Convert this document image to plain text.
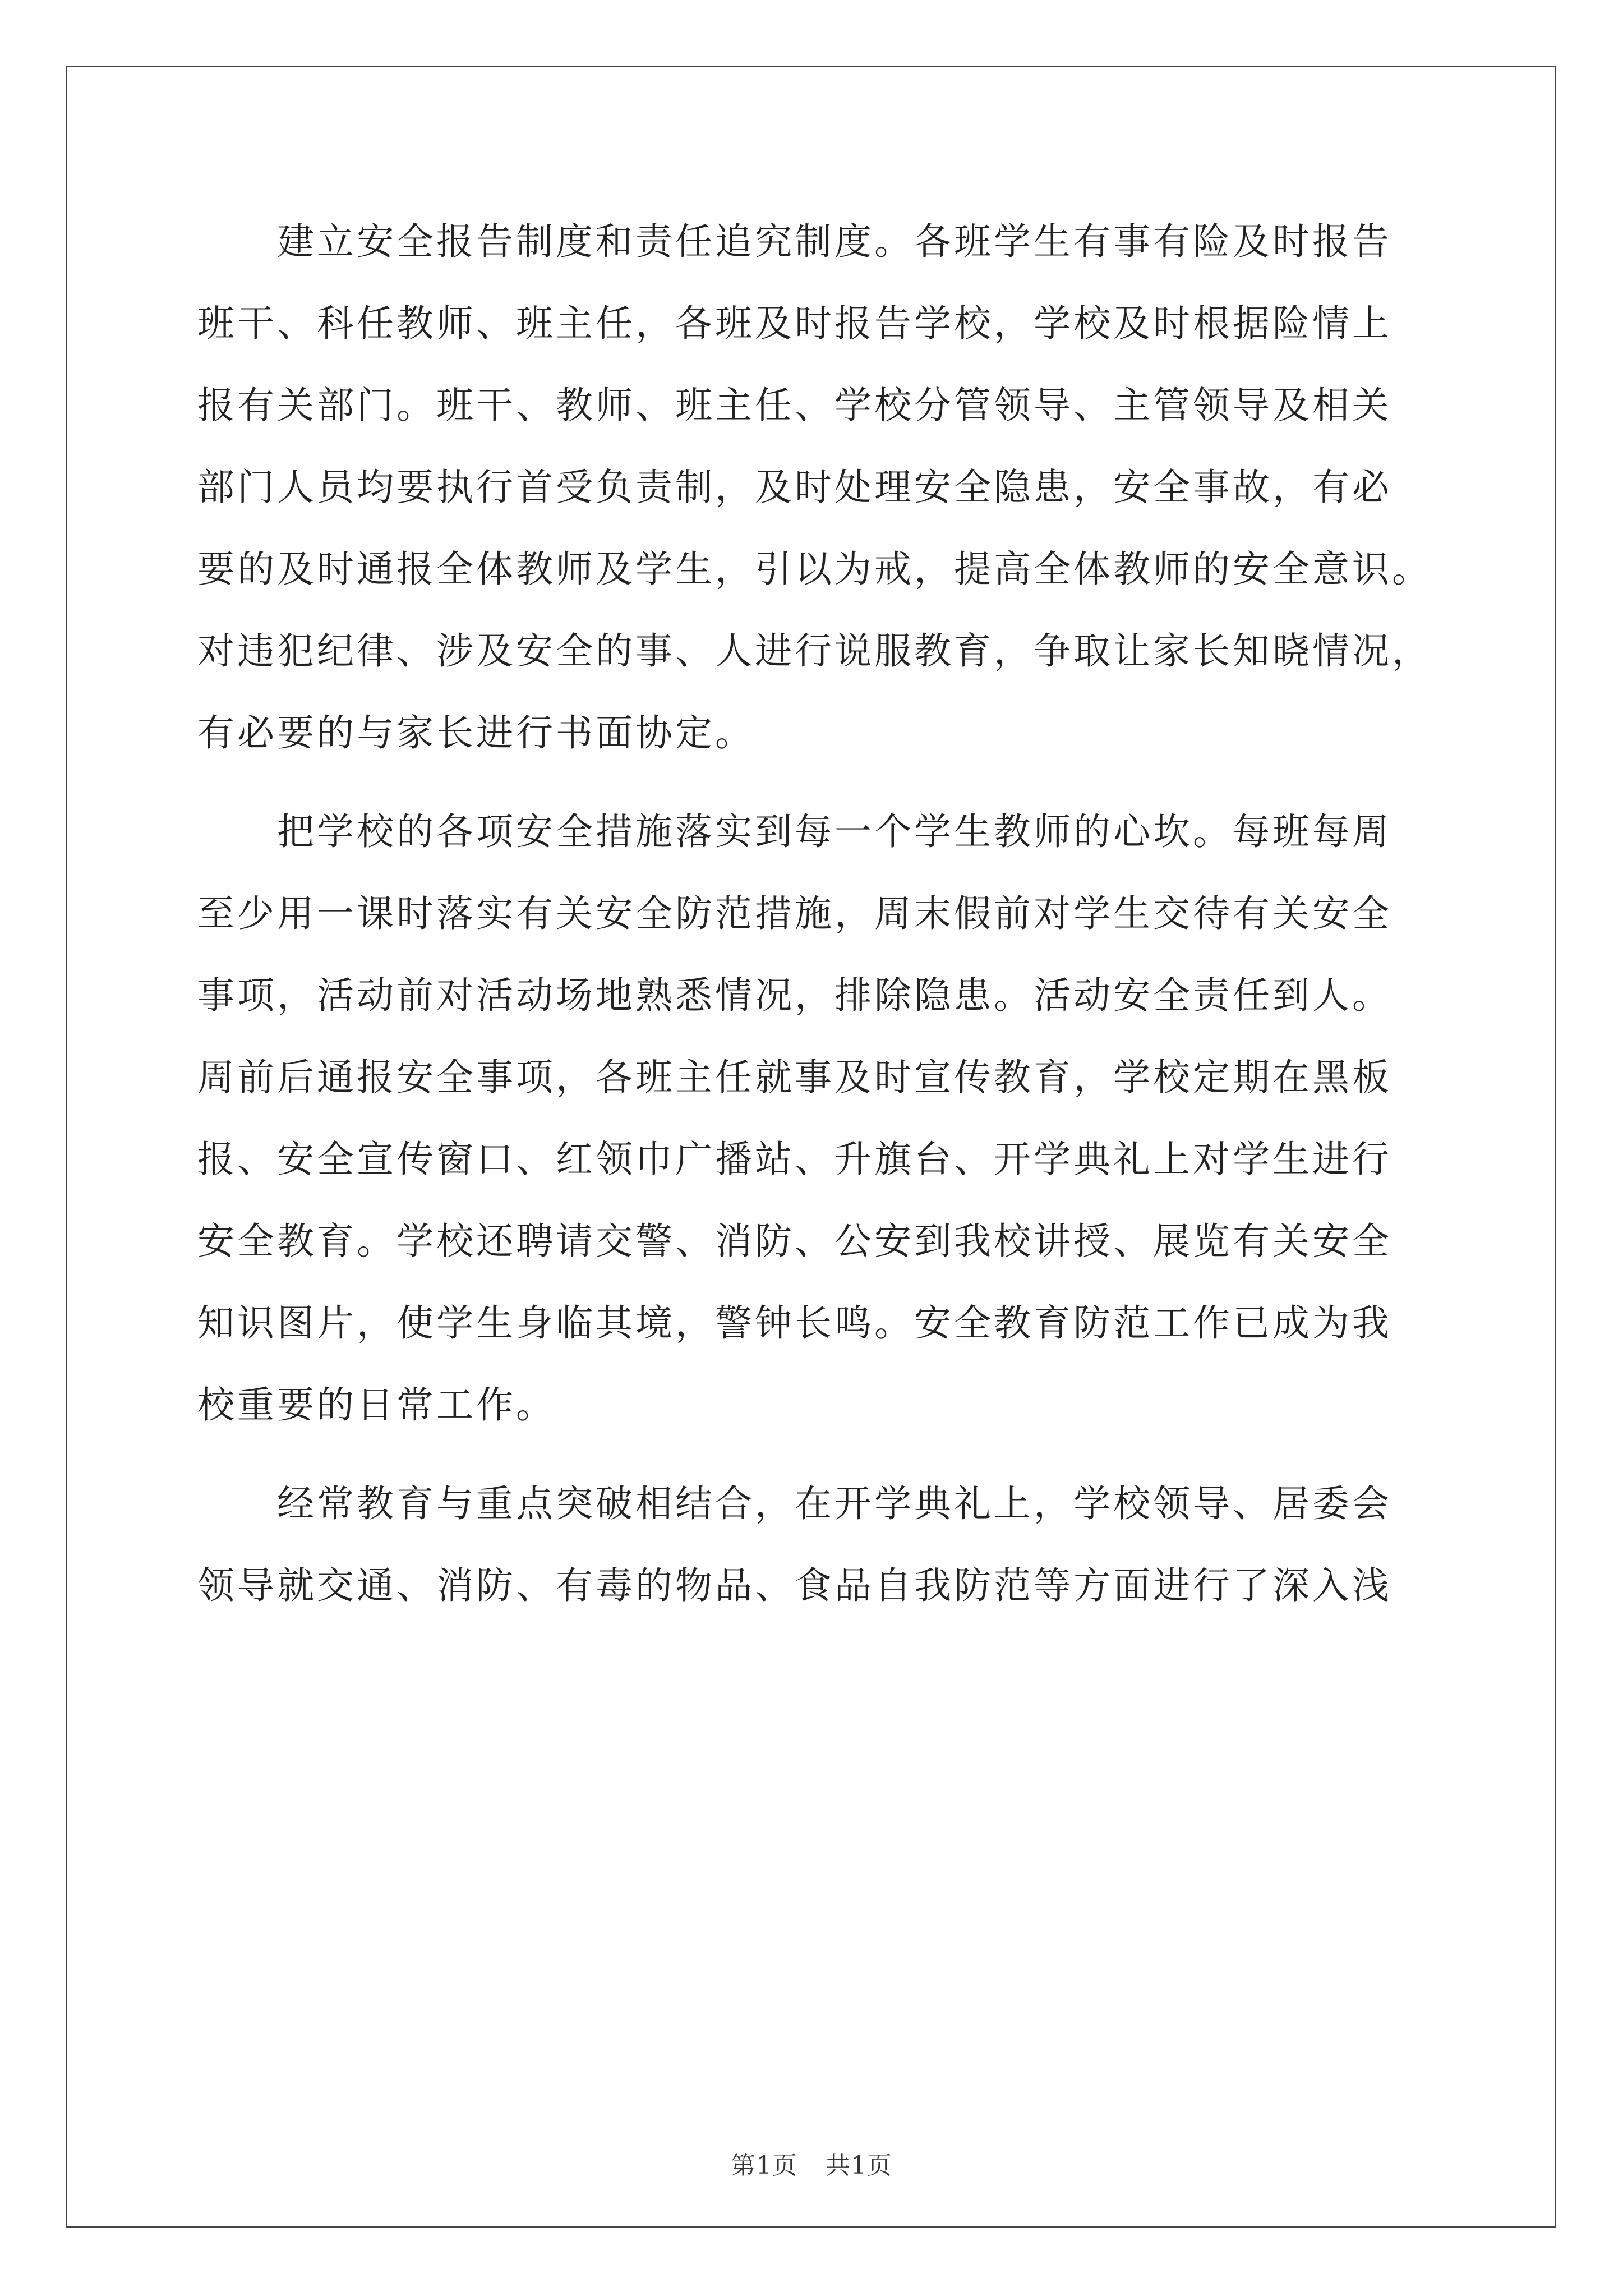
建立安全报告制度和责任追究制度。各班学生有事有险及时报告
班干、科任教师、班主任，各班及时报告学校，学校及时根据险情上
报有关部门。班干、教师、班主任、学校分管领导、主管领导及相关
部门人员均要执行首受负责制，及时处理安全隐患，安全事故，有必
要的及时通报全体教师及学生，引以为戒，提高全体教师的安全意识。
对违犯纪律、涉及安全的事、人进行说服教育，争取让家长知晓情况，
有必要的与家长进行书面协定。
把学校的各项安全措施落实到每一个学生教师的心坎。每班每周
至少用一课时落实有关安全防范措施，周末假前对学生交待有关安全
事项，活动前对活动场地熟悉情况，排除隐患。活动安全责任到人。
周前后通报安全事项，各班主任就事及时宣传教育，学校定期在黑板
报、安全宣传窗口、红领巾广播站、升旗台、开学典礼上对学生进行
安全教育。学校还聘请交警、消防、公安到我校讲授、展览有关安全
知识图片，使学生身临其境，警钟长鸣。安全教育防范工作已成为我
校重要的日常工作。
经常教育与重点突破相结合，在开学典礼上，学校领导、居委会
领导就交通、消防、有毒的物品、食品自我防范等方面进行了深入浅
第1页 共1页
